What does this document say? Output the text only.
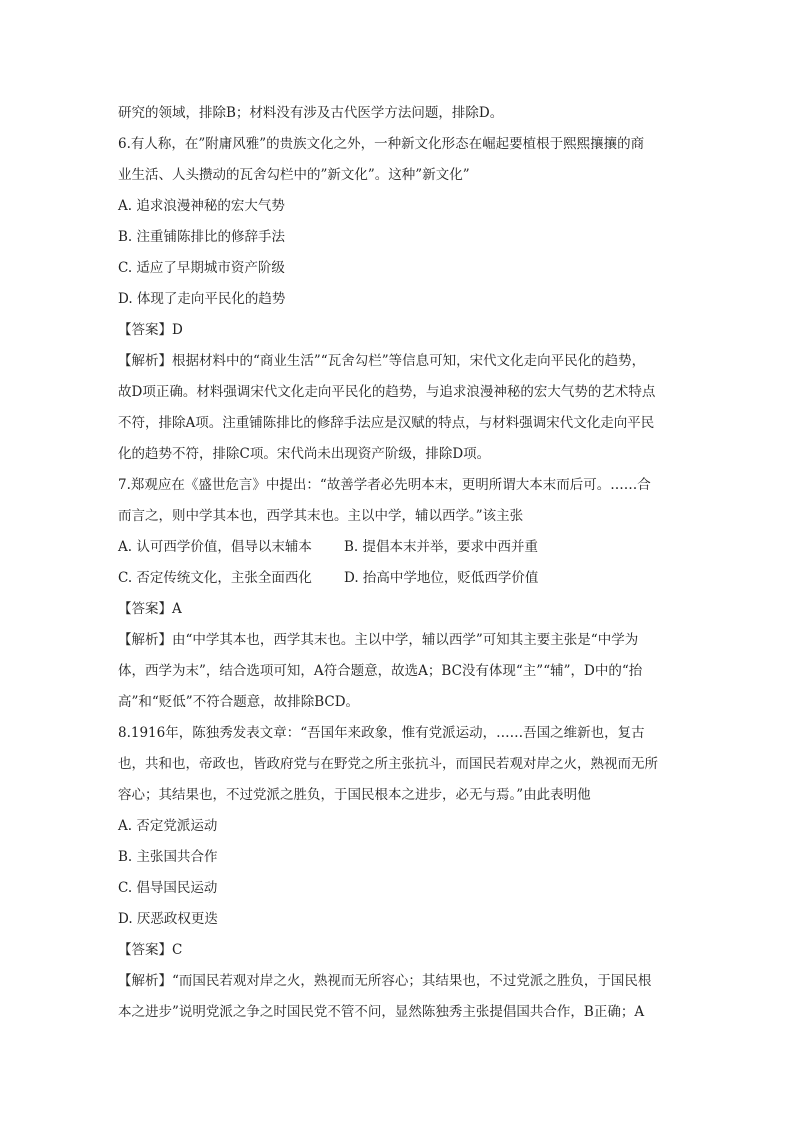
研究的领域，排除B；材料没有涉及古代医学方法问题，排除D。
6.有人称，在”附庸风雅”的贵族文化之外，一种新文化形态在崛起要植根于熙熙攘攘的商
业生活、人头攒动的瓦舍勾栏中的”新文化”。这种”新文化”
A. 追求浪漫神秘的宏大气势
B. 注重铺陈排比的修辞手法
C. 适应了早期城市资产阶级
D. 体现了走向平民化的趋势
【答案】D
【解析】根据材料中的“商业生活”“瓦舍勾栏”等信息可知，宋代文化走向平民化的趋势，
故D项正确。材料强调宋代文化走向平民化的趋势，与追求浪漫神秘的宏大气势的艺术特点
不符，排除A项。注重铺陈排比的修辞手法应是汉赋的特点，与材料强调宋代文化走向平民
化的趋势不符，排除C项。宋代尚未出现资产阶级，排除D项。
7.郑观应在《盛世危言》中提出：“故善学者必先明本末，更明所谓大本末而后可。……合
而言之，则中学其本也，西学其末也。主以中学，辅以西学。”该主张
A. 认可西学价值，倡导以末辅本	B. 提倡本末并举，要求中西并重
C. 否定传统文化，主张全面西化	D. 抬高中学地位，贬低西学价值
【答案】A
【解析】由“中学其本也，西学其末也。主以中学，辅以西学”可知其主要主张是“中学为
体，西学为末”，结合选项可知，A符合题意，故选A；BC没有体现“主”“辅”，D中的“抬
高”和“贬低”不符合题意，故排除BCD。
8.1916年，陈独秀发表文章：“吾国年来政象，惟有党派运动，……吾国之维新也，复古
也，共和也，帝政也，皆政府党与在野党之所主张抗斗，而国民若观对岸之火，熟视而无所
容心；其结果也，不过党派之胜负，于国民根本之进步，必无与焉。”由此表明他
A. 否定党派运动
B. 主张国共合作
C. 倡导国民运动
D. 厌恶政权更迭
【答案】C
【解析】“而国民若观对岸之火，熟视而无所容心；其结果也，不过党派之胜负，于国民根
本之进步”说明党派之争之时国民党不管不问，显然陈独秀主张提倡国共合作，B正确；A
